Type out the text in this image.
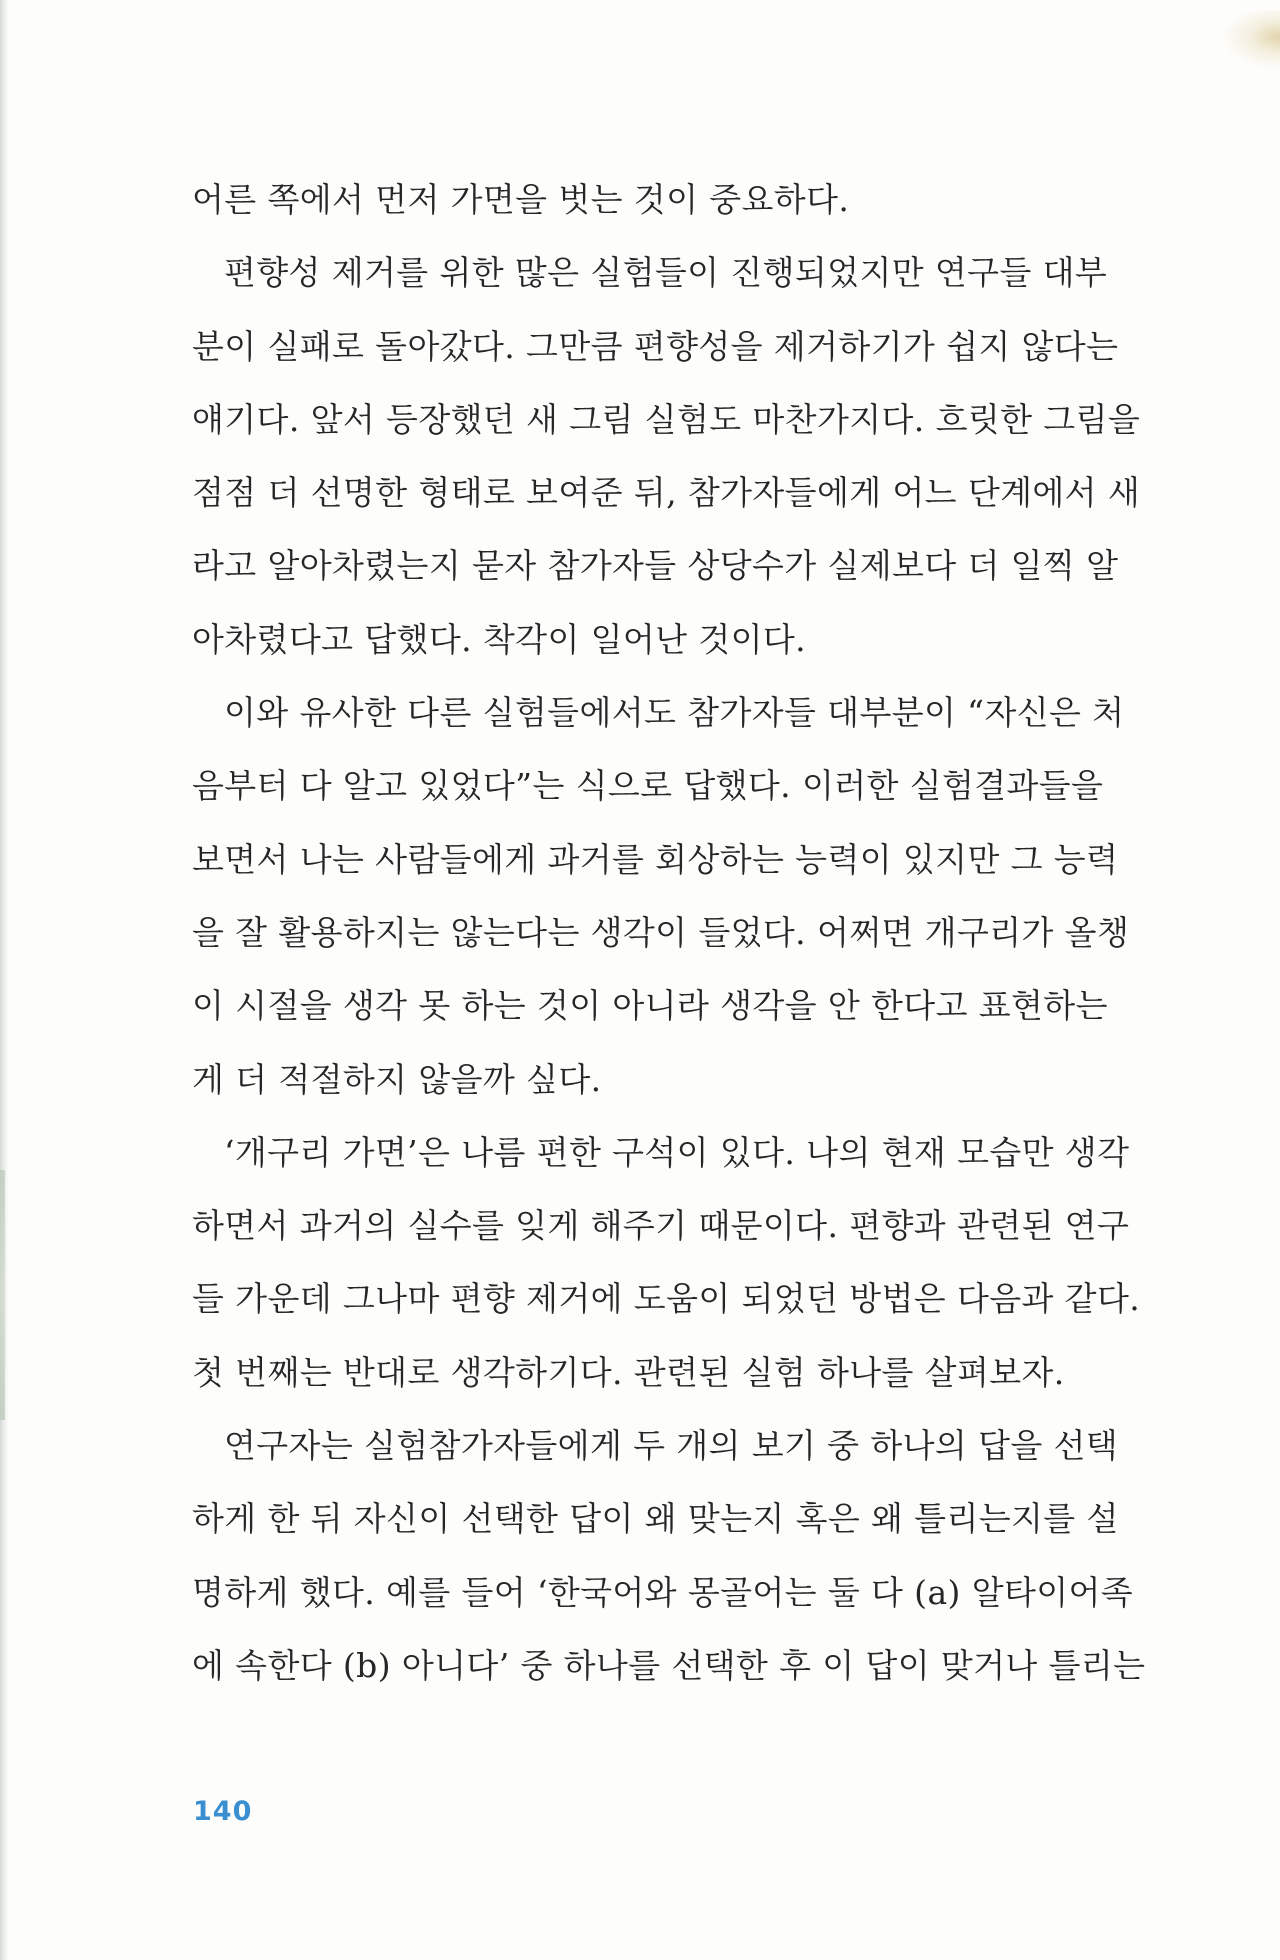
어른 쪽에서 먼저 가면을 벗는 것이 중요하다.
편향성 제거를 위한 많은 실험들이 진행되었지만 연구들 대부
분이 실패로 돌아갔다. 그만큼 편향성을 제거하기가 쉽지 않다는
얘기다. 앞서 등장했던 새 그림 실험도 마찬가지다. 흐릿한 그림을
점점 더 선명한 형태로 보여준 뒤, 참가자들에게 어느 단계에서 새
라고 알아차렸는지 묻자 참가자들 상당수가 실제보다 더 일찍 알
아차렸다고 답했다. 착각이 일어난 것이다.
이와 유사한 다른 실험들에서도 참가자들 대부분이 “자신은 처
음부터 다 알고 있었다”는 식으로 답했다. 이러한 실험결과들을
보면서 나는 사람들에게 과거를 회상하는 능력이 있지만 그 능력
을 잘 활용하지는 않는다는 생각이 들었다. 어쩌면 개구리가 올챙
이 시절을 생각 못 하는 것이 아니라 생각을 안 한다고 표현하는
게 더 적절하지 않을까 싶다.
‘개구리 가면’은 나름 편한 구석이 있다. 나의 현재 모습만 생각
하면서 과거의 실수를 잊게 해주기 때문이다. 편향과 관련된 연구
들 가운데 그나마 편향 제거에 도움이 되었던 방법은 다음과 같다.
첫 번째는 반대로 생각하기다. 관련된 실험 하나를 살펴보자.
연구자는 실험참가자들에게 두 개의 보기 중 하나의 답을 선택
하게 한 뒤 자신이 선택한 답이 왜 맞는지 혹은 왜 틀리는지를 설
명하게 했다. 예를 들어 ‘한국어와 몽골어는 둘 다 (a) 알타이어족
에 속한다 (b) 아니다’ 중 하나를 선택한 후 이 답이 맞거나 틀리는
140
